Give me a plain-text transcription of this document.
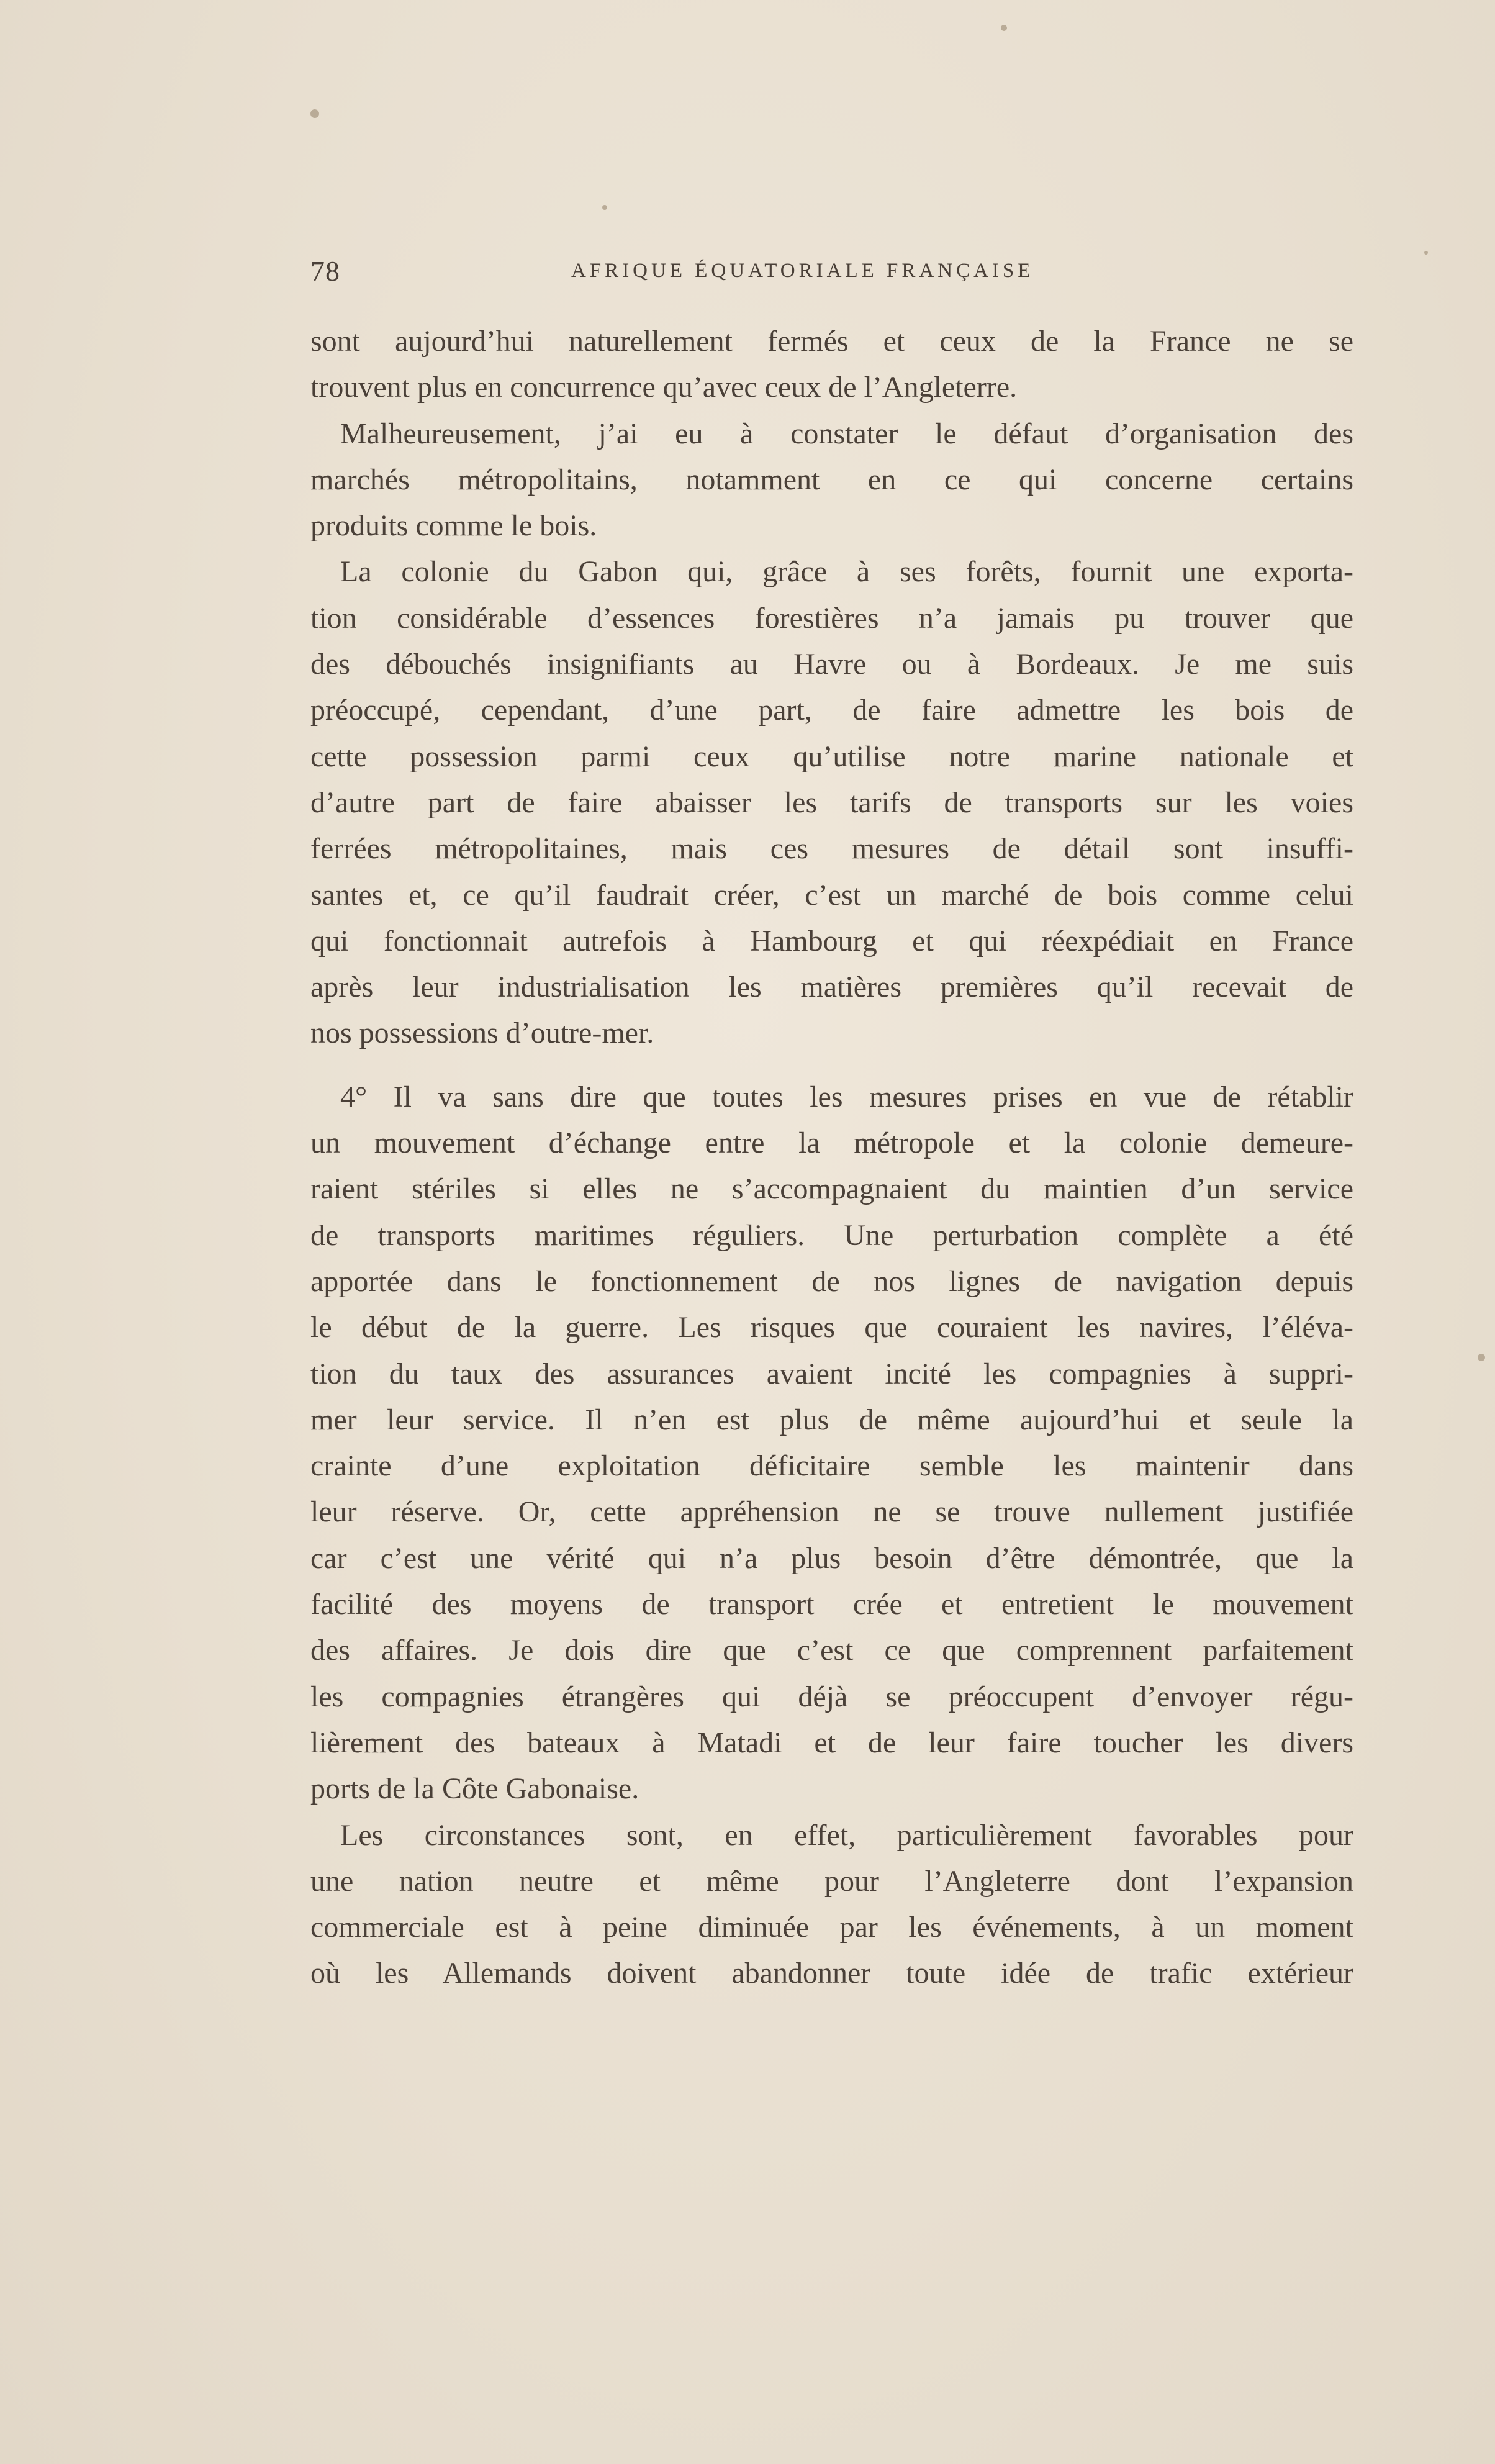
78	AFRIQUE ÉQUATORIALE FRANÇAISE
sont aujourd’hui naturellement fermés et ceux de la France ne se
trouvent plus en concurrence qu’avec ceux de l’Angleterre.
Malheureusement, j’ai eu à constater le défaut d’organisation des
marchés métropolitains, notamment en ce qui concerne certains
produits comme le bois.
La colonie du Gabon qui, grâce à ses forêts, fournit une exporta-
tion considérable d’essences forestières n’a jamais pu trouver que
des débouchés insignifiants au Havre ou à Bordeaux. Je me suis
préoccupé, cependant, d’une part, de faire admettre les bois de
cette possession parmi ceux qu’utilise notre marine nationale et
d’autre part de faire abaisser les tarifs de transports sur les voies
ferrées métropolitaines, mais ces mesures de détail sont insuffi-
santes et, ce qu’il faudrait créer, c’est un marché de bois comme celui
qui fonctionnait autrefois à Hambourg et qui réexpédiait en France
après leur industrialisation les matières premières qu’il recevait de
nos possessions d’outre-mer.
4° Il va sans dire que toutes les mesures prises en vue de rétablir
un mouvement d’échange entre la métropole et la colonie demeure-
raient stériles si elles ne s’accompagnaient du maintien d’un service
de transports maritimes réguliers. Une perturbation complète a été
apportée dans le fonctionnement de nos lignes de navigation depuis
le début de la guerre. Les risques que couraient les navires, l’éléva-
tion du taux des assurances avaient incité les compagnies à suppri-
mer leur service. Il n’en est plus de même aujourd’hui et seule la
crainte d’une exploitation déficitaire semble les maintenir dans
leur réserve. Or, cette appréhension ne se trouve nullement justifiée
car c’est une vérité qui n’a plus besoin d’être démontrée, que la
facilité des moyens de transport crée et entretient le mouvement
des affaires. Je dois dire que c’est ce que comprennent parfaitement
les compagnies étrangères qui déjà se préoccupent d’envoyer régu-
lièrement des bateaux à Matadi et de leur faire toucher les divers
ports de la Côte Gabonaise.
Les circonstances sont, en effet, particulièrement favorables pour
une nation neutre et même pour l’Angleterre dont l’expansion
commerciale est à peine diminuée par les événements, à un moment
où les Allemands doivent abandonner toute idée de trafic extérieur
